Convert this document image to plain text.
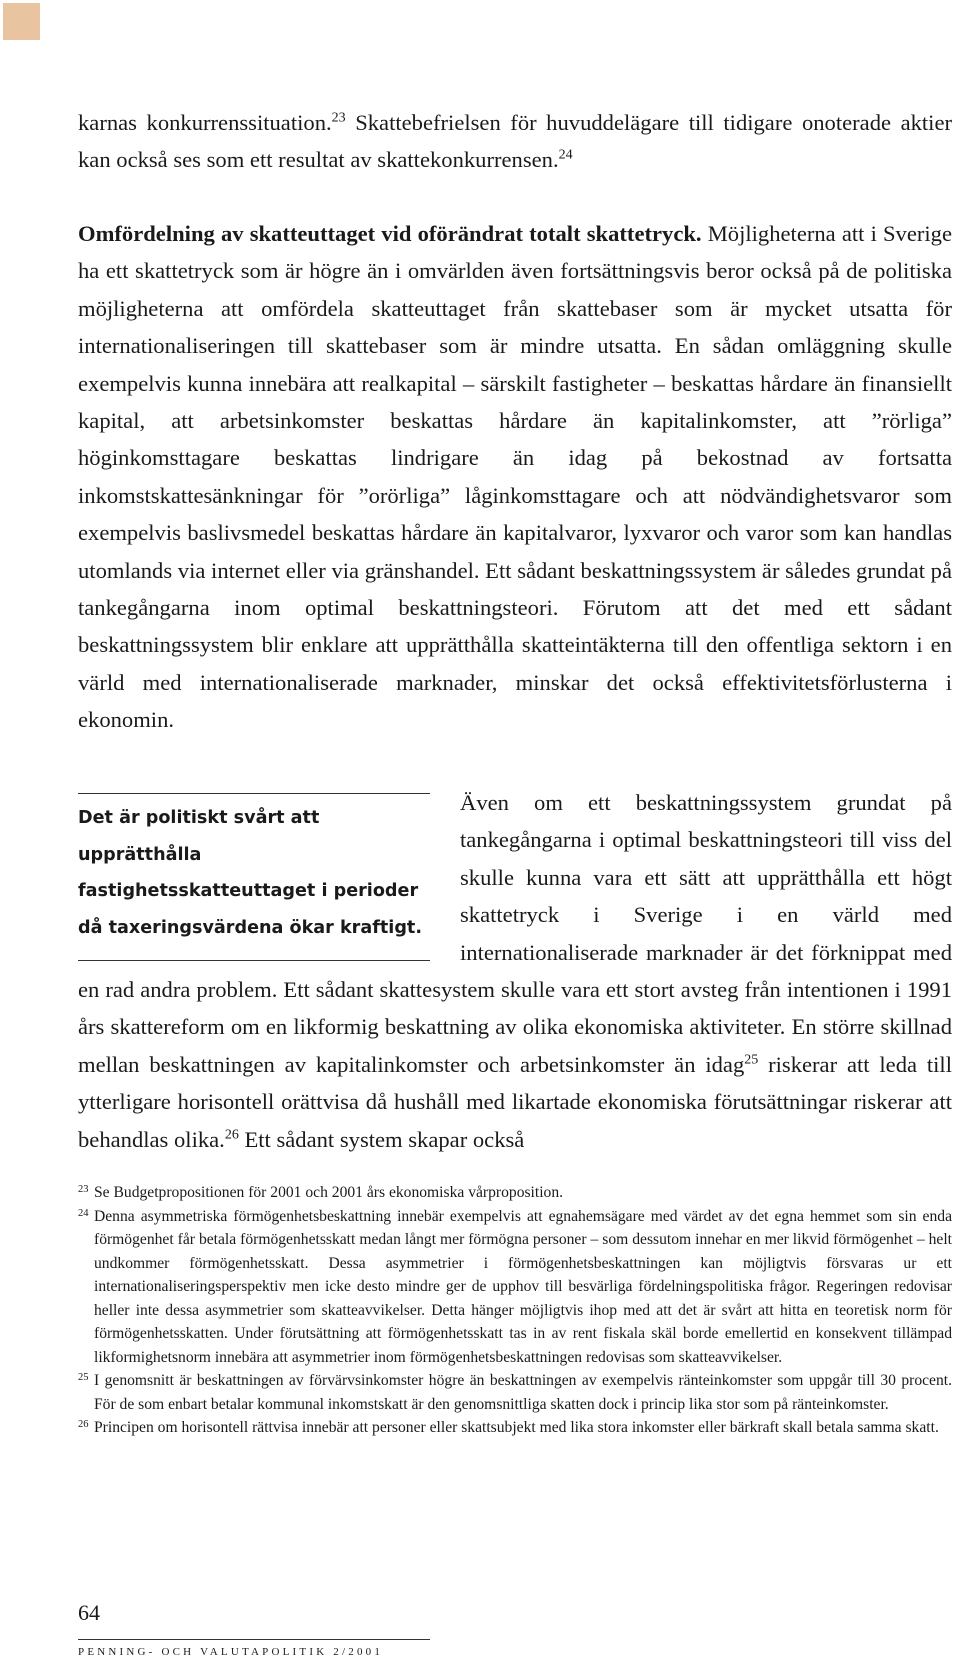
karnas konkurrenssituation.$^{23}$ Skattebefrielsen för huvuddelägare till tidigare onoterade aktier kan också ses som ett resultat av skattekonkurrensen.$^{24}$

Omfördelning av skatteuttaget vid oförändrat totalt skattetryck. Möjligheterna att i Sverige ha ett skattetryck som är högre än i omvärlden även fortsättningsvis beror också på de politiska möjligheterna att omfördela skatteuttaget från skattebaser som är mycket utsatta för internationaliseringen till skattebaser som är mindre utsatta. En sådan omläggning skulle exempelvis kunna innebära att realkapital – särskilt fastigheter – beskattas hårdare än finansiellt kapital, att arbetsinkomster beskattas hårdare än kapitalinkomster, att ”rörliga” höginkomsttagare beskattas lindrigare än idag på bekostnad av fortsatta inkomstskattesänkningar för ”orörliga” låginkomsttagare och att nödvändighetsvaror som exempelvis baslivsmedel beskattas hårdare än kapitalvaror, lyxvaror och varor som kan handlas utomlands via internet eller via gränshandel. Ett sådant beskattningssystem är således grundat på tankegångarna inom optimal beskattningsteori. Förutom att det med ett sådant beskattningssystem blir enklare att upprätthålla skatteintäkterna till den offentliga sektorn i en värld med internationaliserade marknader, minskar det också effektivitetsförlusterna i ekonomin.

Det är politiskt svårt att upprätthålla fastighetsskatteuttaget i perioder då taxeringsvärdena ökar kraftigt.

Även om ett beskattningssystem grundat på tankegångarna i optimal beskattningsteori till viss del skulle kunna vara ett sätt att upprätthålla ett högt skattetryck i Sverige i en värld med internationaliserade marknader är det förknippat med en rad andra problem. Ett sådant skattesystem skulle vara ett stort avsteg från intentionen i 1991 års skattereform om en likformig beskattning av olika ekonomiska aktiviteter. En större skillnad mellan beskattningen av kapitalinkomster och arbetsinkomster än idag$^{25}$ riskerar att leda till ytterligare horisontell orättvisa då hushåll med likartade ekonomiska förutsättningar riskerar att behandlas olika.$^{26}$ Ett sådant system skapar också

23 Se Budgetpropositionen för 2001 och 2001 års ekonomiska vårproposition.

24 Denna asymmetriska förmögenhetsbeskattning innebär exempelvis att egnahemsägare med värdet av det egna hemmet som sin enda förmögenhet får betala förmögenhetsskatt medan långt mer förmögna personer – som dessutom innehar en mer likvid förmögenhet – helt undkommer förmögenhetsskatt. Dessa asymmetrier i förmögenhetsbeskattningen kan möjligtvis försvaras ur ett internationaliseringsperspektiv men icke desto mindre ger de upphov till besvärliga fördelningspolitiska frågor. Regeringen redovisar heller inte dessa asymmetrier som skatteavvikelser. Detta hänger möjligtvis ihop med att det är svårt att hitta en teoretisk norm för förmögenhetsskatten. Under förutsättning att förmögenhetsskatt tas in av rent fiskala skäl borde emellertid en konsekvent tillämpad likformighetsnorm innebära att asymmetrier inom förmögenhetsbeskattningen redovisas som skatteavvikelser.

25 I genomsnitt är beskattningen av förvärvsinkomster högre än beskattningen av exempelvis ränteinkomster som uppgår till 30 procent. För de som enbart betalar kommunal inkomstskatt är den genomsnittliga skatten dock i princip lika stor som på ränteinkomster.

26 Principen om horisontell rättvisa innebär att personer eller skattsubjekt med lika stora inkomster eller bärkraft skall betala samma skatt.

64
PENNING- OCH VALUTAPOLITIK 2/2001
